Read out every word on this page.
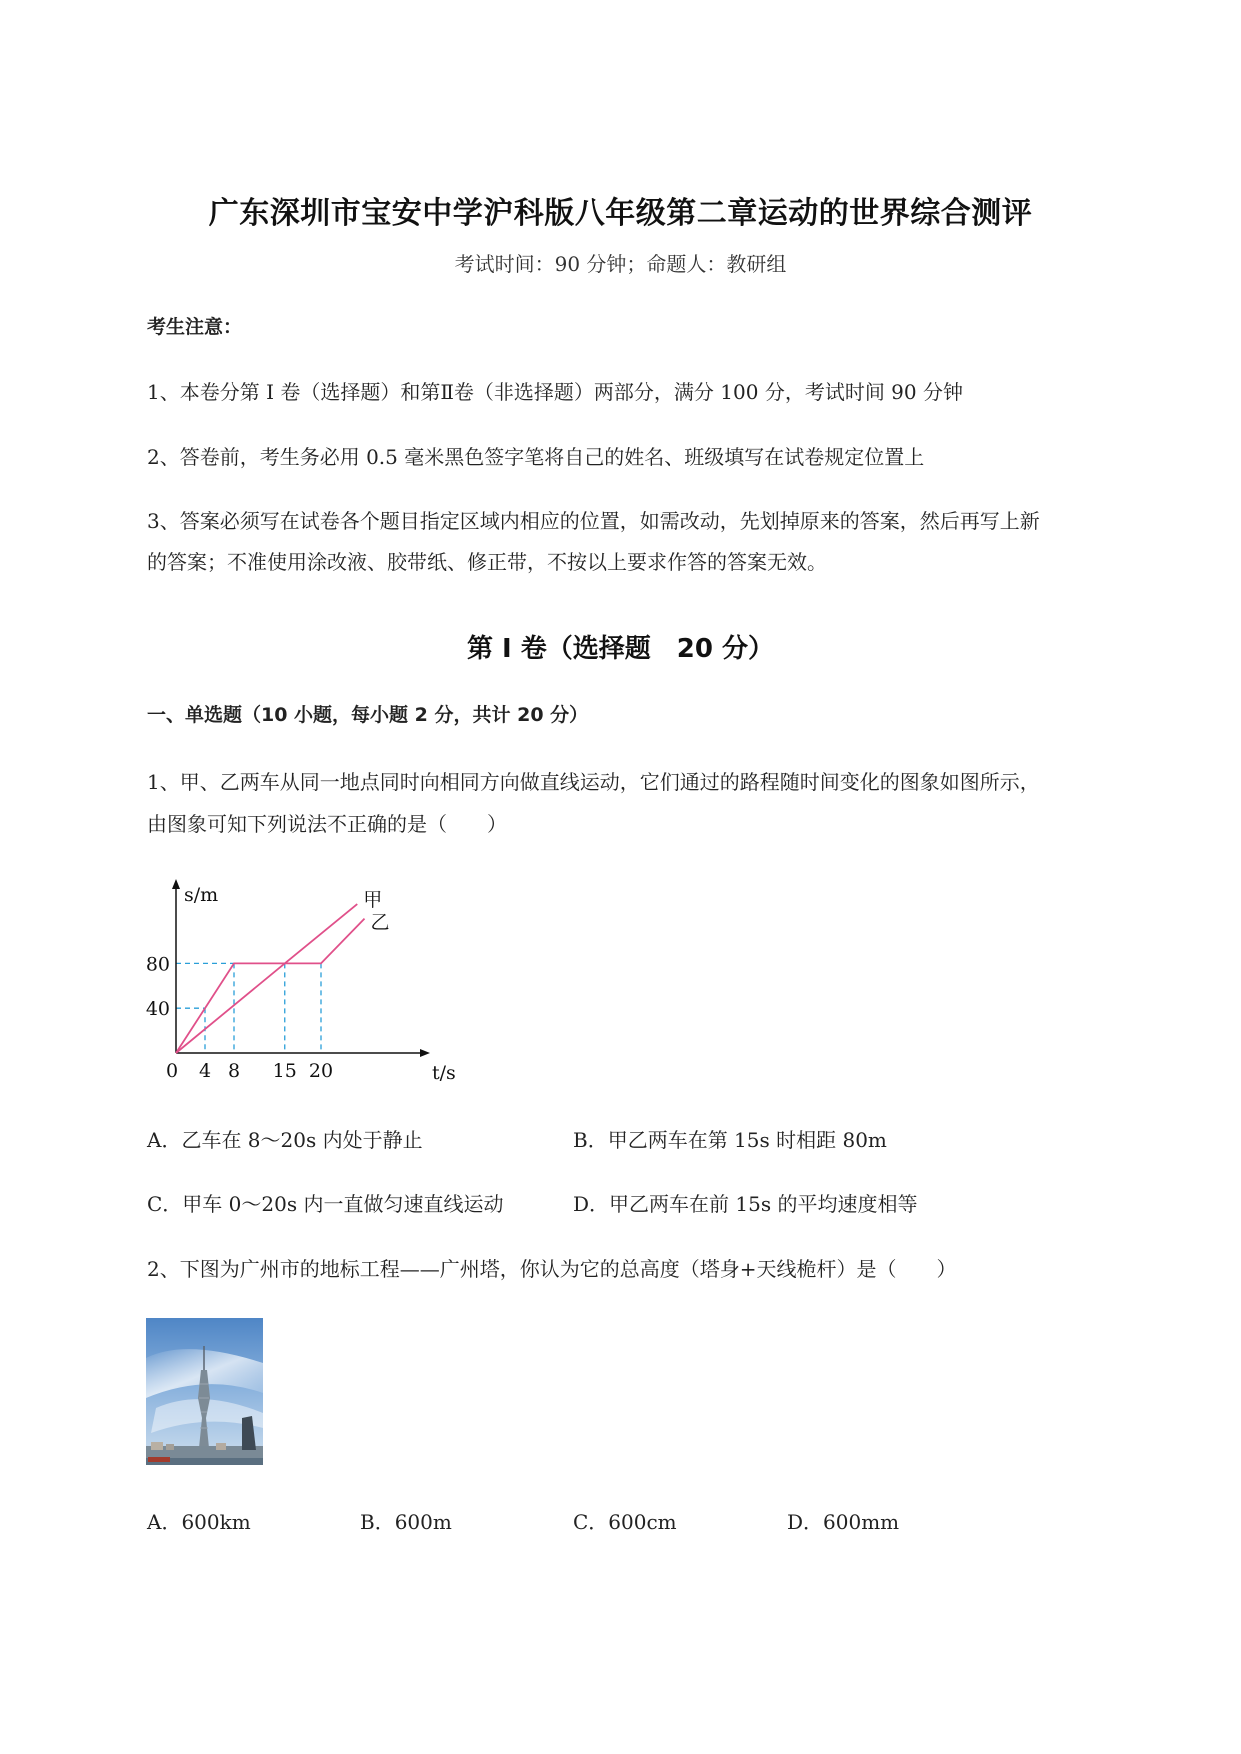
广东深圳市宝安中学沪科版八年级第二章运动的世界综合测评
考试时间：90 分钟；命题人：教研组
考生注意：
1、本卷分第 I 卷（选择题）和第Ⅱ卷（非选择题）两部分，满分 100 分，考试时间 90 分钟
2、答卷前，考生务必用 0.5 毫米黑色签字笔将自己的姓名、班级填写在试卷规定位置上
3、答案必须写在试卷各个题目指定区域内相应的位置，如需改动，先划掉原来的答案，然后再写上新
的答案；不准使用涂改液、胶带纸、修正带，不按以上要求作答的答案无效。
第 I 卷（选择题　20 分）
一、单选题（10 小题，每小题 2 分，共计 20 分）
1、甲、乙两车从同一地点同时向相同方向做直线运动，它们通过的路程随时间变化的图象如图所示，
由图象可知下列说法不正确的是（　　）
甲
乙
4 8 15 20
40
80
0
s/m
t/s
A．乙车在 8～20s 内处于静止	B．甲乙两车在第 15s 时相距 80m
C．甲车 0～20s 内一直做匀速直线运动	D．甲乙两车在前 15s 的平均速度相等
2、下图为广州市的地标工程——广州塔，你认为它的总高度（塔身+天线桅杆）是（　　）
A．600km	B．600m	C．600cm	D．600mm
